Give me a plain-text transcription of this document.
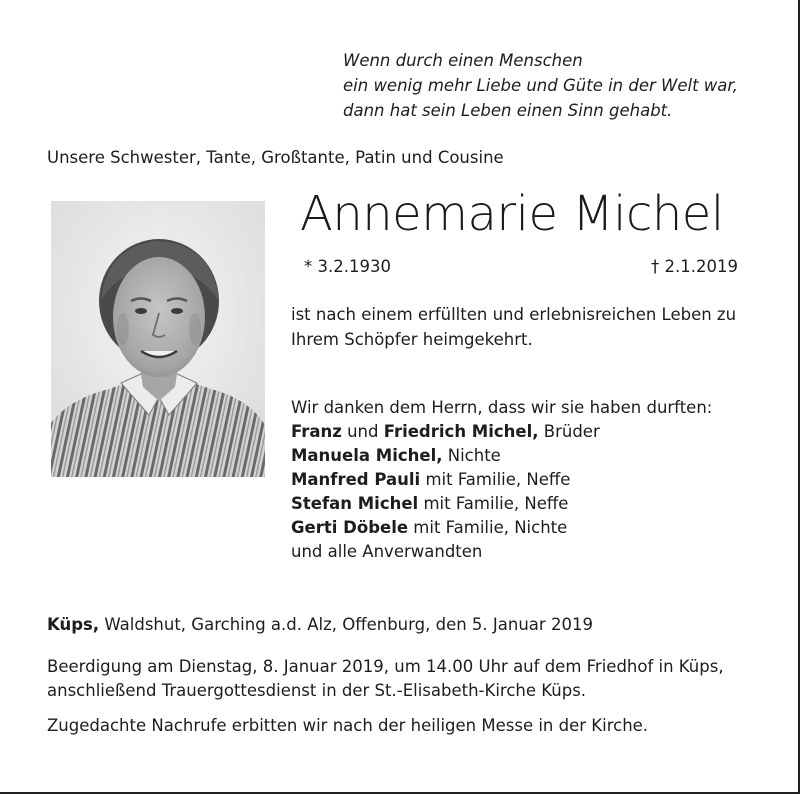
Wenn durch einen Menschen
ein wenig mehr Liebe und Güte in der Welt war,
dann hat sein Leben einen Sinn gehabt.
Unsere Schwester, Tante, Großtante, Patin und Cousine
Annemarie Michel
* 3.2.1930	† 2.1.2019
ist nach einem erfüllten und erlebnisreichen Leben zu
Ihrem Schöpfer heimgekehrt.
Wir danken dem Herrn, dass wir sie haben durften:
Franz und Friedrich Michel, Brüder
Manuela Michel, Nichte
Manfred Pauli mit Familie, Neffe
Stefan Michel mit Familie, Neffe
Gerti Döbele mit Familie, Nichte
und alle Anverwandten
Küps, Waldshut, Garching a.d. Alz, Offenburg, den 5. Januar 2019
Beerdigung am Dienstag, 8. Januar 2019, um 14.00 Uhr auf dem Friedhof in Küps,
anschließend Trauergottesdienst in der St.-Elisabeth-Kirche Küps.
Zugedachte Nachrufe erbitten wir nach der heiligen Messe in der Kirche.
